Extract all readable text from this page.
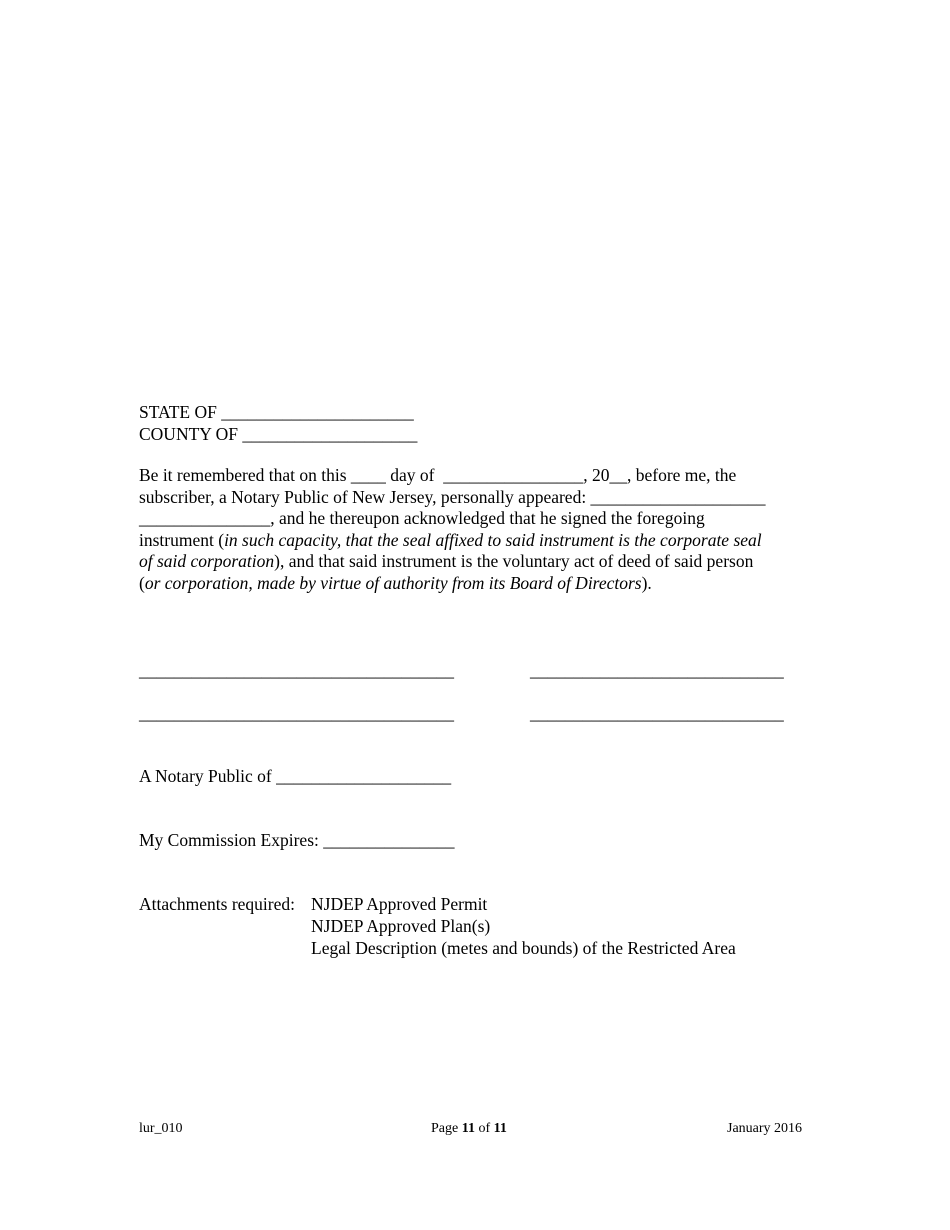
STATE OF ______________________
COUNTY OF ____________________
Be it remembered that on this ____ day of  ________________, 20__, before me, the
subscriber, a Notary Public of New Jersey, personally appeared: ____________________
_______________, and he thereupon acknowledged that he signed the foregoing
instrument (in such capacity, that the seal affixed to said instrument is the corporate seal
of said corporation), and that said instrument is the voluntary act of deed of said person
(or corporation, made by virtue of authority from its Board of Directors).
____________________________________	_____________________________
____________________________________	_____________________________
A Notary Public of ____________________
My Commission Expires: _______________
Attachments required: NJDEP Approved Permit
NJDEP Approved Plan(s)
Legal Description (metes and bounds) of the Restricted Area
lur_010	Page 11 of 11	January 2016
